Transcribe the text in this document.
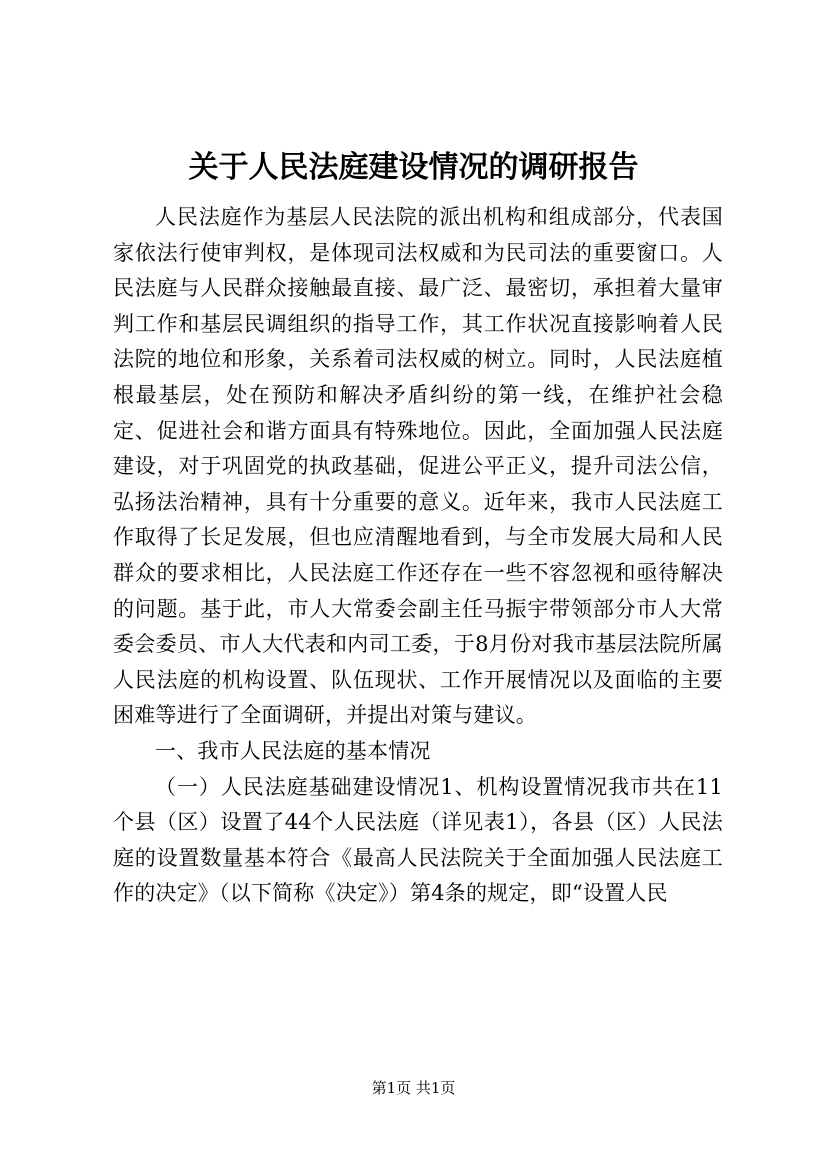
关于人民法庭建设情况的调研报告

人民法庭作为基层人民法院的派出机构和组成部分，代表国家依法行使审判权，是体现司法权威和为民司法的重要窗口。人民法庭与人民群众接触最直接、最广泛、最密切，承担着大量审判工作和基层民调组织的指导工作，其工作状况直接影响着人民法院的地位和形象，关系着司法权威的树立。同时，人民法庭植根最基层，处在预防和解决矛盾纠纷的第一线，在维护社会稳定、促进社会和谐方面具有特殊地位。因此，全面加强人民法庭建设，对于巩固党的执政基础，促进公平正义，提升司法公信，弘扬法治精神，具有十分重要的意义。近年来，我市人民法庭工作取得了长足发展，但也应清醒地看到，与全市发展大局和人民群众的要求相比，人民法庭工作还存在一些不容忽视和亟待解决的问题。基于此，市人大常委会副主任马振宇带领部分市人大常委会委员、市人大代表和内司工委，于8月份对我市基层法院所属人民法庭的机构设置、队伍现状、工作开展情况以及面临的主要困难等进行了全面调研，并提出对策与建议。

一、我市人民法庭的基本情况

（一）人民法庭基础建设情况1、机构设置情况我市共在11个县（区）设置了44个人民法庭（详见表1），各县（区）人民法庭的设置数量基本符合《最高人民法院关于全面加强人民法庭工作的决定》（以下简称《决定》）第4条的规定，即“设置人民

第1页 共1页
